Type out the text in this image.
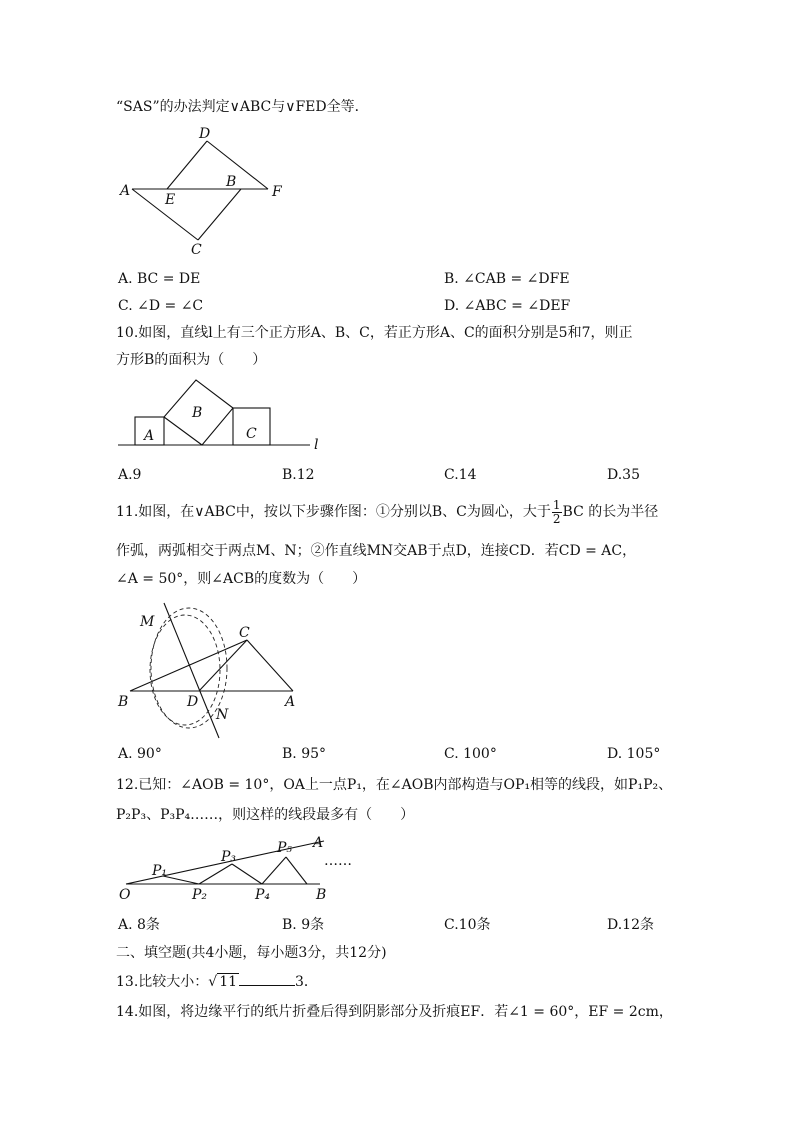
“SAS”的办法判定∨ABC与∨FED全等．
D
A
E
B
F
C
A. BC = DE	B. ∠CAB = ∠DFE
C. ∠D = ∠C	D. ∠ABC = ∠DEF
10.如图，直线l上有三个正方形A、B、C，若正方形A、C的面积分别是5和7，则正
方形B的面积为（　　）
A
B
C
l
A.9	B.12	C.14	D.35
11.如图，在∨ABC中，按以下步骤作图：①分别以B、C为圆心，大于 $\frac{1}{2}$ BC 的长为半径
作弧，两弧相交于两点M、N；②作直线MN交AB于点D，连接CD．若CD = AC，
∠A = 50°，则∠ACB的度数为（　　）
M
C
B	D	A
N
A. 90°	B. 95°	C. 100°	D. 105°
12.已知：∠AOB = 10°，OA上一点P₁，在∠AOB内部构造与OP₁相等的线段，如P₁P₂、
P₂P₃、P₃P₄……，则这样的线段最多有（　　）
P₁
P₃
P₅ A
……
O	P₂	P₄	B
A. 8条	B. 9条	C.10条	D.12条
二、填空题(共4小题，每小题3分，共12分)
13.比较大小：√ 11	3．
14.如图，将边缘平行的纸片折叠后得到阴影部分及折痕EF．若∠1 = 60°，EF = 2cm，
